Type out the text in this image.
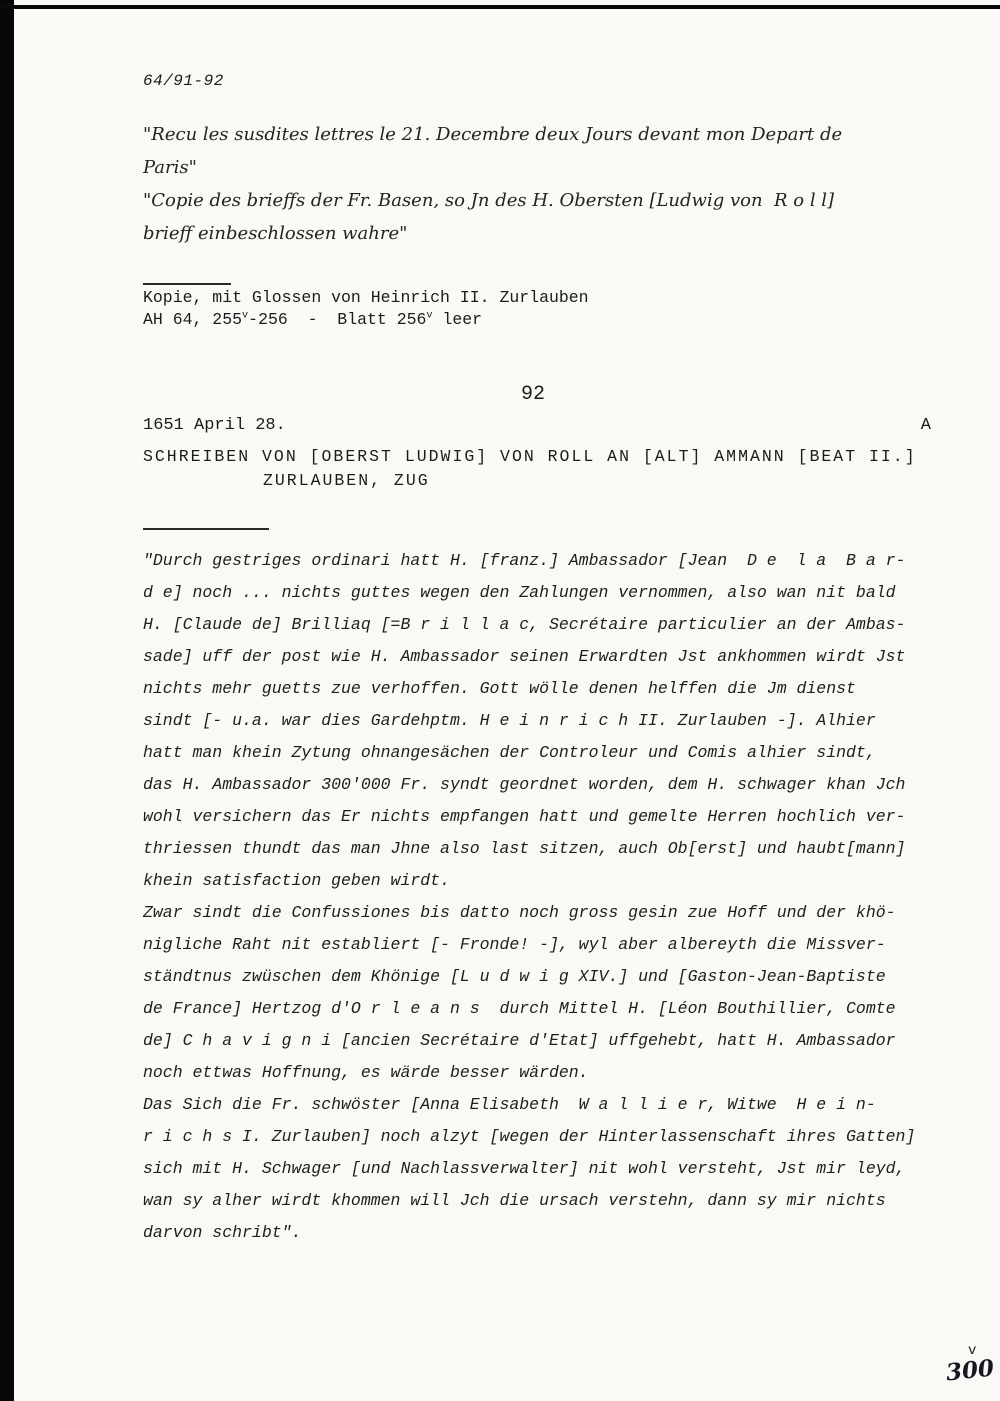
64/91-92
"Recu les susdites lettres le 21. Decembre deux Jours devant mon Depart de
Paris"
"Copie des brieffs der Fr. Basen, so Jn des H. Obersten [Ludwig von  R o l l]
brieff einbeschlossen wahre"
Kopie, mit Glossen von Heinrich II. Zurlauben
AH 64, 255$^v$-256  -  Blatt 256$^v$ leer
92
1651 April 28.	A
SCHREIBEN VON [OBERST LUDWIG] VON ROLL AN [ALT] AMMANN [BEAT II.]
ZURLAUBEN, ZUG
"Durch gestriges ordinari hatt H. [franz.] Ambassador [Jean  D e  l a  B a r-
d e] noch ... nichts guttes wegen den Zahlungen vernommen, also wan nit bald
H. [Claude de] Brilliaq [=B r i l l a c, Secrétaire particulier an der Ambas-
sade] uff der post wie H. Ambassador seinen Erwardten Jst ankhommen wirdt Jst
nichts mehr guetts zue verhoffen. Gott wölle denen helffen die Jm dienst
sindt [- u.a. war dies Gardehptm. H e i n r i c h II. Zurlauben -]. Alhier
hatt man khein Zytung ohnangesächen der Controleur und Comis alhier sindt,
das H. Ambassador 300'000 Fr. syndt geordnet worden, dem H. schwager khan Jch
wohl versichern das Er nichts empfangen hatt und gemelte Herren hochlich ver-
thriessen thundt das man Jhne also last sitzen, auch Ob[erst] und haubt[mann]
khein satisfaction geben wirdt.
Zwar sindt die Confussiones bis datto noch gross gesin zue Hoff und der khö-
nigliche Raht nit establiert [- Fronde! -], wyl aber albereyth die Missver-
ständtnus zwüschen dem Khönige [L u d w i g XIV.] und [Gaston-Jean-Baptiste
de France] Hertzog d'O r l e a n s  durch Mittel H. [Léon Bouthillier, Comte
de] C h a v i g n i [ancien Secrétaire d'Etat] uffgehebt, hatt H. Ambassador
noch ettwas Hoffnung, es wärde besser wärden.
Das Sich die Fr. schwöster [Anna Elisabeth  W a l l i e r, Witwe  H e i n-
r i c h s I. Zurlauben] noch alzyt [wegen der Hinterlassenschaft ihres Gatten]
sich mit H. Schwager [und Nachlassverwalter] nit wohl versteht, Jst mir leyd,
wan sy alher wirdt khommen will Jch die ursach verstehn, dann sy mir nichts
darvon schribt".
v
300
